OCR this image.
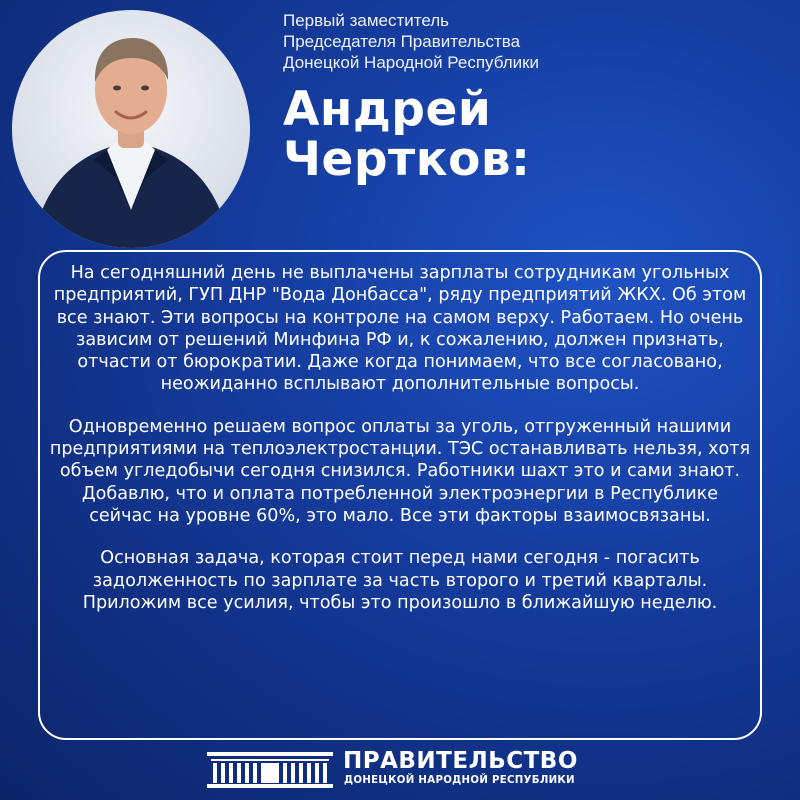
Первый заместитель
Председателя Правительства
Донецкой Народной Республики
Андрей
Чертков:

На сегодняшний день не выплачены зарплаты сотрудникам угольных предприятий, ГУП ДНР "Вода Донбасса", ряду предприятий ЖКХ. Об этом все знают. Эти вопросы на контроле на самом верху. Работаем. Но очень зависим от решений Минфина РФ и, к сожалению, должен признать, отчасти от бюрократии. Даже когда понимаем, что все согласовано, неожиданно всплывают дополнительные вопросы.

Одновременно решаем вопрос оплаты за уголь, отгруженный нашими предприятиями на теплоэлектростанции. ТЭС останавливать нельзя, хотя объем угледобычи сегодня снизился. Работники шахт это и сами знают. Добавлю, что и оплата потребленной электроэнергии в Республике сейчас на уровне 60%, это мало. Все эти факторы взаимосвязаны.

Основная задача, которая стоит перед нами сегодня - погасить задолженность по зарплате за часть второго и третий кварталы. Приложим все усилия, чтобы это произошло в ближайшую неделю.

ПРАВИТЕЛЬСТВО
ДОНЕЦКОЙ НАРОДНОЙ РЕСПУБЛИКИ
